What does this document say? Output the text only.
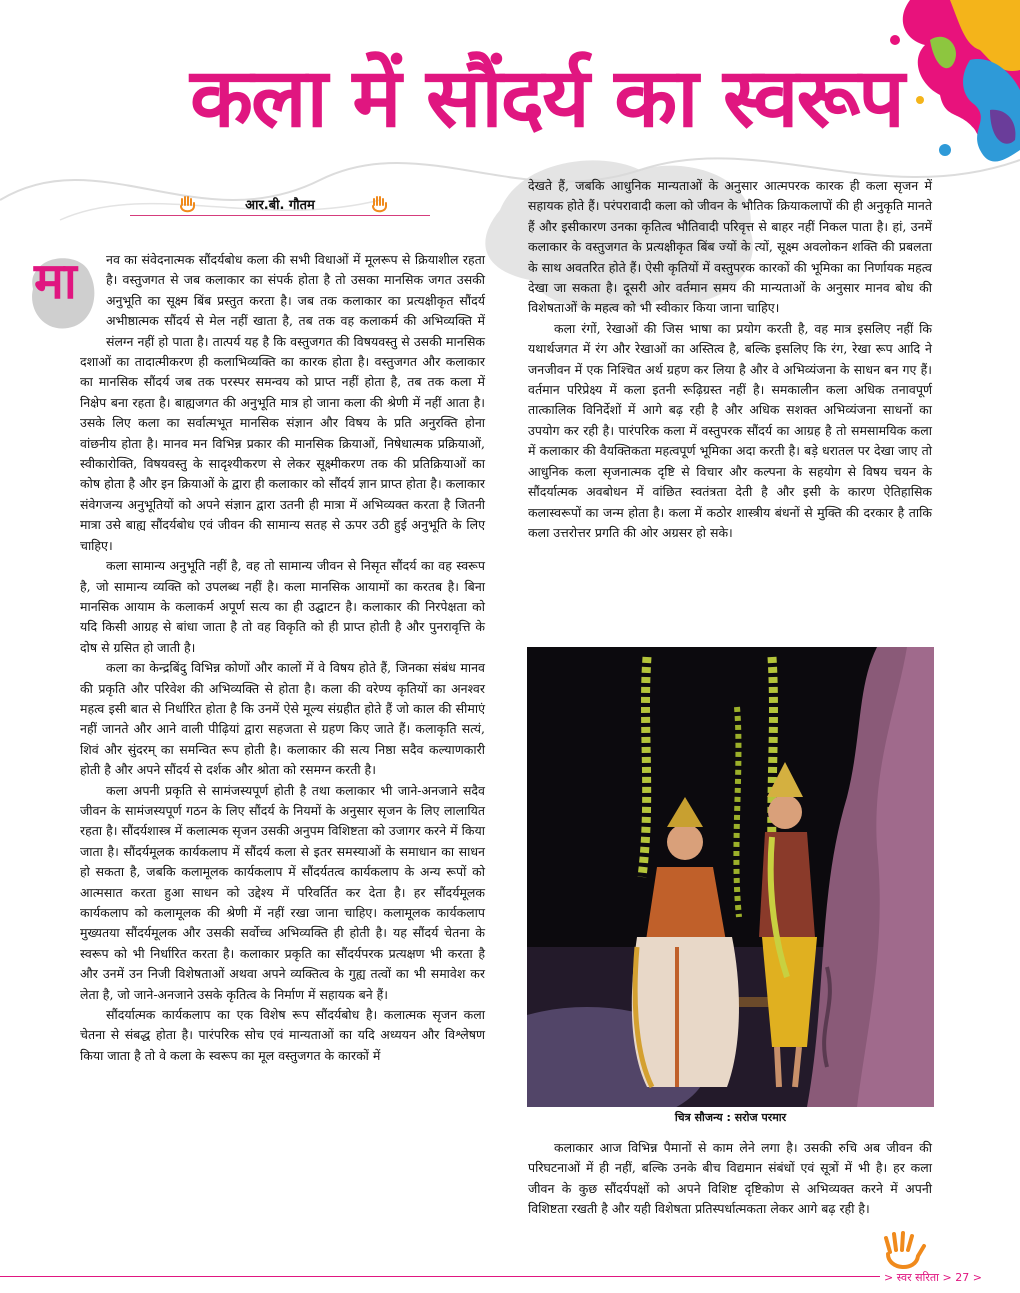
कला में सौंदर्य का स्वरूप
आर.बी. गौतम
मा	नव का संवेदनात्मक सौंदर्यबोध कला की सभी विधाओं में मूलरूप से क्रियाशील रहता है। वस्तुजगत से जब कलाकार का संपर्क होता है तो उसका मानसिक जगत उसकी अनुभूति का सूक्ष्म बिंब प्रस्तुत करता है। जब तक कलाकार का प्रत्यक्षीकृत सौंदर्य अभीष्ठात्मक सौंदर्य से मेल नहीं खाता है, तब तक वह कलाकर्म की अभिव्यक्ति में संलग्न नहीं हो पाता है। तात्पर्य यह है कि वस्तुजगत की विषयवस्तु से उसकी मानसिक दशाओं का तादात्मीकरण ही कलाभिव्यक्ति का कारक होता है। वस्तुजगत और कलाकार का मानसिक सौंदर्य जब तक परस्पर समन्वय को प्राप्त नहीं होता है, तब तक कला में निक्षेप बना रहता है। बाह्यजगत की अनुभूति मात्र हो जाना कला की श्रेणी में नहीं आता है। उसके लिए कला का सर्वात्मभूत मानसिक संज्ञान और विषय के प्रति अनुरक्ति होना वांछनीय होता है। मानव मन विभिन्न प्रकार की मानसिक क्रियाओं, निषेधात्मक प्रक्रियाओं, स्वीकारोक्ति, विषयवस्तु के सादृश्यीकरण से लेकर सूक्ष्मीकरण तक की प्रतिक्रियाओं का कोष होता है और इन क्रियाओं के द्वारा ही कलाकार को सौंदर्य ज्ञान प्राप्त होता है। कलाकार संवेगजन्य अनुभूतियों को अपने संज्ञान द्वारा उतनी ही मात्रा में अभिव्यक्त करता है जितनी मात्रा उसे बाह्य सौंदर्यबोध एवं जीवन की सामान्य सतह से ऊपर उठी हुई अनुभूति के लिए चाहिए।

कला सामान्य अनुभूति नहीं है, वह तो सामान्य जीवन से निसृत सौंदर्य का वह स्वरूप है, जो सामान्य व्यक्ति को उपलब्ध नहीं है। कला मानसिक आयामों का करतब है। बिना मानसिक आयाम के कलाकर्म अपूर्ण सत्य का ही उद्घाटन है। कलाकार की निरपेक्षता को यदि किसी आग्रह से बांधा जाता है तो वह विकृति को ही प्राप्त होती है और पुनरावृत्ति के दोष से ग्रसित हो जाती है।

कला का केन्द्रबिंदु विभिन्न कोणों और कालों में वे विषय होते हैं, जिनका संबंध मानव की प्रकृति और परिवेश की अभिव्यक्ति से होता है। कला की वरेण्य कृतियों का अनश्वर महत्व इसी बात से निर्धारित होता है कि उनमें ऐसे मूल्य संग्रहीत होते हैं जो काल की सीमाएं नहीं जानते और आने वाली पीढ़ियां द्वारा सहजता से ग्रहण किए जाते हैं। कलाकृति सत्यं, शिवं और सुंदरम् का समन्वित रूप होती है। कलाकार की सत्य निष्ठा सदैव कल्याणकारी होती है और अपने सौंदर्य से दर्शक और श्रोता को रसमग्न करती है।

कला अपनी प्रकृति से सामंजस्यपूर्ण होती है तथा कलाकार भी जाने-अनजाने सदैव जीवन के सामंजस्यपूर्ण गठन के लिए सौंदर्य के नियमों के अनुसार सृजन के लिए लालायित रहता है। सौंदर्यशास्त्र में कलात्मक सृजन उसकी अनुपम विशिष्टता को उजागर करने में किया जाता है। सौंदर्यमूलक कार्यकलाप में सौंदर्य कला से इतर समस्याओं के समाधान का साधन हो सकता है, जबकि कलामूलक कार्यकलाप में सौंदर्यतत्व कार्यकलाप के अन्य रूपों को आत्मसात करता हुआ साधन को उद्देश्य में परिवर्तित कर देता है। हर सौंदर्यमूलक कार्यकलाप को कलामूलक की श्रेणी में नहीं रखा जाना चाहिए। कलामूलक कार्यकलाप मुख्यतया सौंदर्यमूलक और उसकी सर्वोच्च अभिव्यक्ति ही होती है। यह सौंदर्य चेतना के स्वरूप को भी निर्धारित करता है। कलाकार प्रकृति का सौंदर्यपरक प्रत्यक्षण भी करता है और उनमें उन निजी विशेषताओं अथवा अपने व्यक्तित्व के गुह्य तत्वों का भी समावेश कर लेता है, जो जाने-अनजाने उसके कृतित्व के निर्माण में सहायक बने हैं।

सौंदर्यात्मक कार्यकलाप का एक विशेष रूप सौंदर्यबोध है। कलात्मक सृजन कला चेतना से संबद्ध होता है। पारंपरिक सोच एवं मान्यताओं का यदि अध्ययन और विश्लेषण किया जाता है तो वे कला के स्वरूप का मूल वस्तुजगत के कारकों में

देखते हैं, जबकि आधुनिक मान्यताओं के अनुसार आत्मपरक कारक ही कला सृजन में सहायक होते हैं। परंपरावादी कला को जीवन के भौतिक क्रियाकलापों की ही अनुकृति मानते हैं और इसीकारण उनका कृतित्व भौतिवादी परिवृत्त से बाहर नहीं निकल पाता है। हां, उनमें कलाकार के वस्तुजगत के प्रत्यक्षीकृत बिंब ज्यों के त्यों, सूक्ष्म अवलोकन शक्ति की प्रबलता के साथ अवतरित होते हैं। ऐसी कृतियों में वस्तुपरक कारकों की भूमिका का निर्णायक महत्व देखा जा सकता है। दूसरी ओर वर्तमान समय की मान्यताओं के अनुसार मानव बोध की विशेषताओं के महत्व को भी स्वीकार किया जाना चाहिए।

कला रंगों, रेखाओं की जिस भाषा का प्रयोग करती है, वह मात्र इसलिए नहीं कि यथार्थजगत में रंग और रेखाओं का अस्तित्व है, बल्कि इसलिए कि रंग, रेखा रूप आदि ने जनजीवन में एक निश्चित अर्थ ग्रहण कर लिया है और वे अभिव्यंजना के साधन बन गए हैं। वर्तमान परिप्रेक्ष्य में कला इतनी रूढ़िग्रस्त नहीं है। समकालीन कला अधिक तनावपूर्ण तात्कालिक विनिर्देशों में आगे बढ़ रही है और अधिक सशक्त अभिव्यंजना साधनों का उपयोग कर रही है। पारंपरिक कला में वस्तुपरक सौंदर्य का आग्रह है तो समसामयिक कला में कलाकार की वैयक्तिकता महत्वपूर्ण भूमिका अदा करती है। बड़े धरातल पर देखा जाए तो आधुनिक कला सृजनात्मक दृष्टि से विचार और कल्पना के सहयोग से विषय चयन के सौंदर्यात्मक अवबोधन में वांछित स्वतंत्रता देती है और इसी के कारण ऐतिहासिक कलास्वरूपों का जन्म होता है। कला में कठोर शास्त्रीय बंधनों से मुक्ति की दरकार है ताकि कला उत्तरोत्तर प्रगति की ओर अग्रसर हो सके।

चित्र सौजन्य : सरोज परमार

कलाकार आज विभिन्न पैमानों से काम लेने लगा है। उसकी रुचि अब जीवन की परिघटनाओं में ही नहीं, बल्कि उनके बीच विद्यमान संबंधों एवं सूत्रों में भी है। हर कला जीवन के कुछ सौंदर्यपक्षों को अपने विशिष्ट दृष्टिकोण से अभिव्यक्त करने में अपनी विशिष्टता रखती है और यही विशेषता प्रतिस्पर्धात्मकता लेकर आगे बढ़ रही है।

> स्वर सरिता > 27 >
